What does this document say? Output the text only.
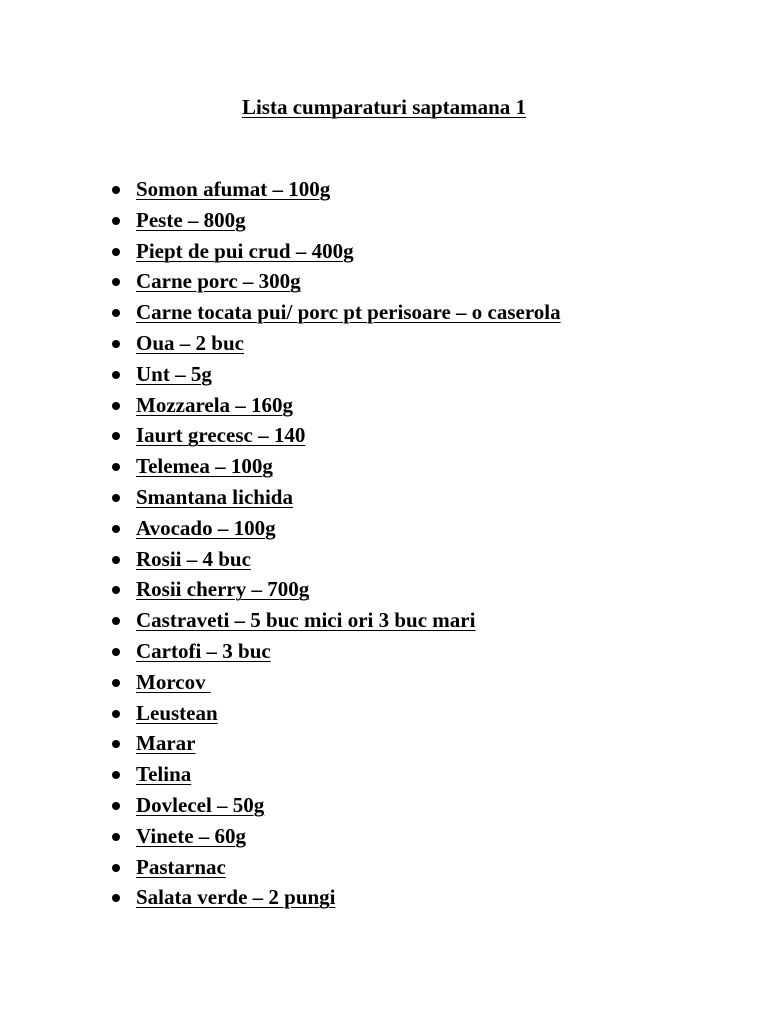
Lista cumparaturi saptamana 1
Somon afumat – 100g
Peste – 800g
Piept de pui crud – 400g
Carne porc – 300g
Carne tocata pui/ porc pt perisoare – o caserola
Oua – 2 buc
Unt – 5g
Mozzarela – 160g
Iaurt grecesc – 140
Telemea – 100g
Smantana lichida
Avocado – 100g
Rosii – 4 buc
Rosii cherry – 700g
Castraveti – 5 buc mici ori 3 buc mari
Cartofi – 3 buc
Morcov
Leustean
Marar
Telina
Dovlecel – 50g
Vinete – 60g
Pastarnac
Salata verde – 2 pungi
